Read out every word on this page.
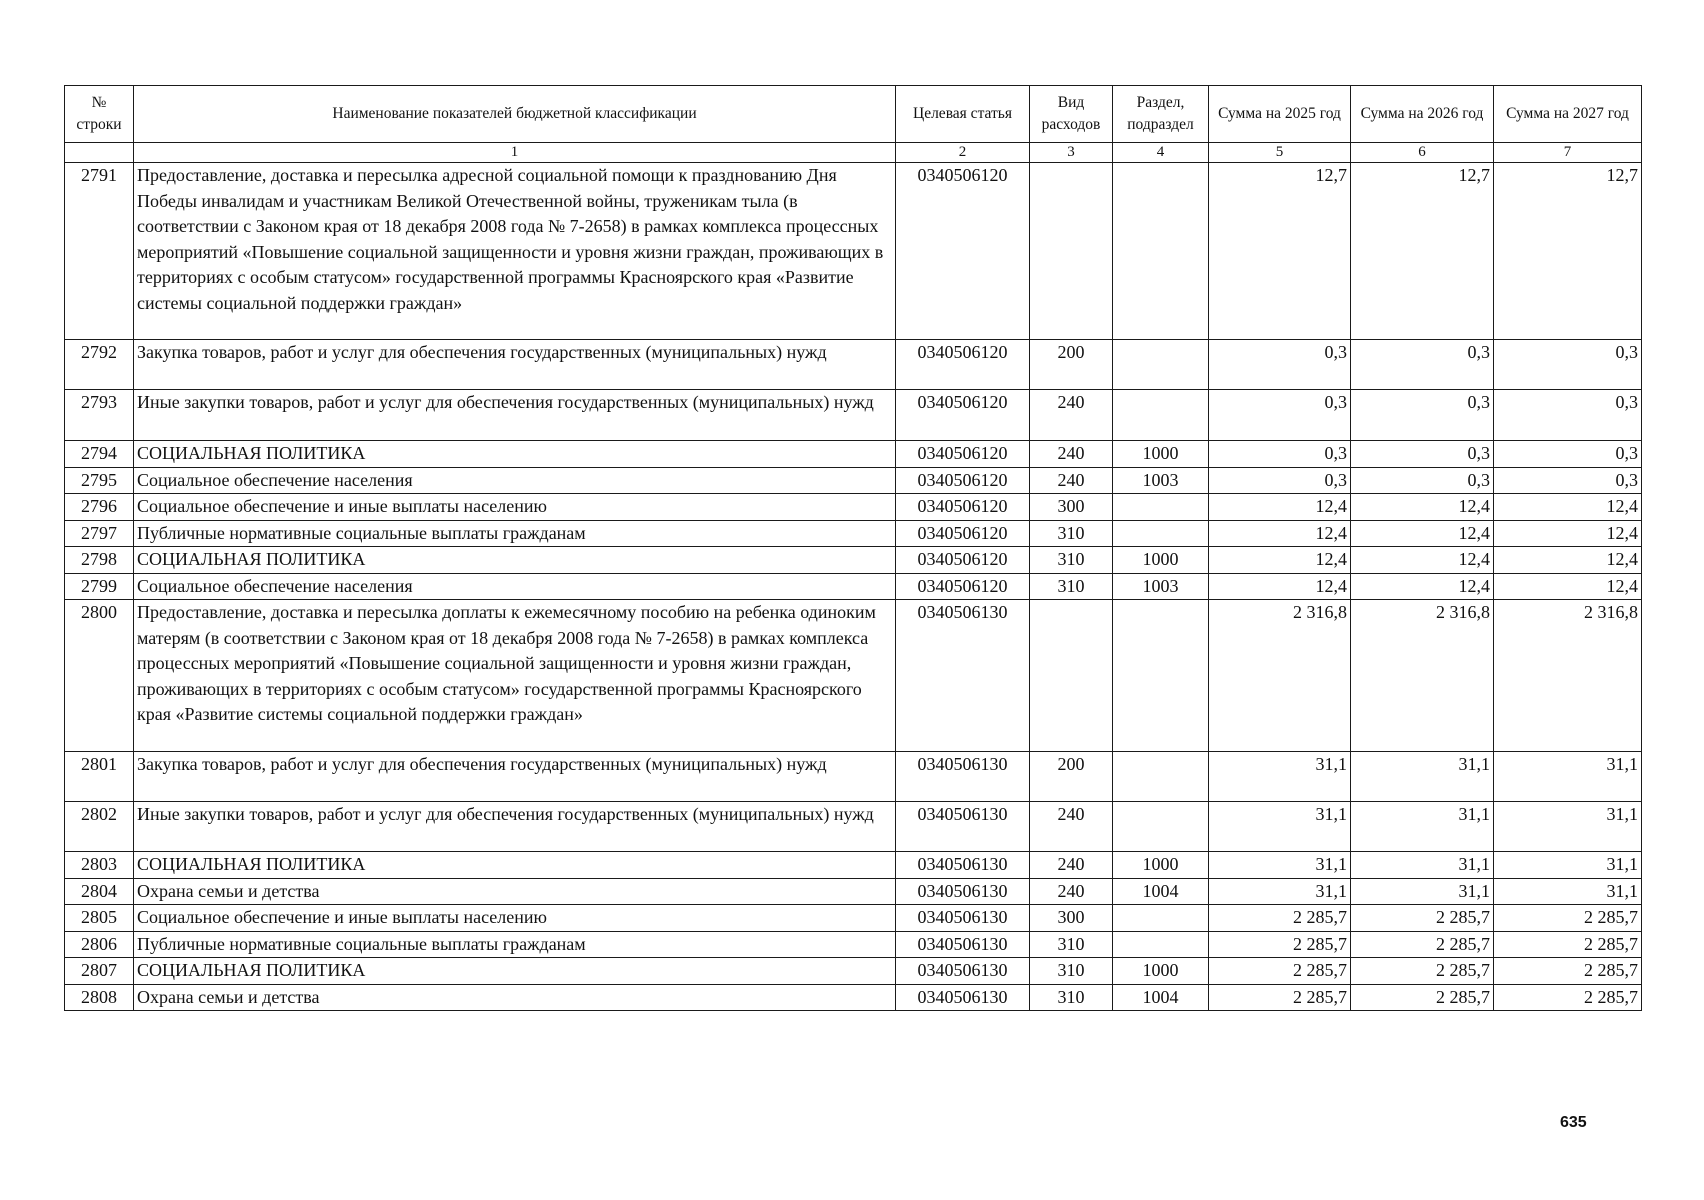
№ строки	Наименование показателей бюджетной классификации	Целевая статья	Вид расходов	Раздел, подраздел	Сумма на 2025 год	Сумма на 2026 год	Сумма на 2027 год
	1	2	3	4	5	6	7
2791	Предоставление, доставка и пересылка адресной социальной помощи к празднованию Дня Победы инвалидам и участникам Великой Отечественной войны, труженикам тыла (в соответствии с Законом края от 18 декабря 2008 года № 7-2658) в рамках комплекса процессных мероприятий «Повышение социальной защищенности и уровня жизни граждан, проживающих в территориях с особым статусом» государственной программы Красноярского края «Развитие системы социальной поддержки граждан»	0340506120			12,7	12,7	12,7
2792	Закупка товаров, работ и услуг для обеспечения государственных (муниципальных) нужд	0340506120	200		0,3	0,3	0,3
2793	Иные закупки товаров, работ и услуг для обеспечения государственных (муниципальных) нужд	0340506120	240		0,3	0,3	0,3
2794	СОЦИАЛЬНАЯ ПОЛИТИКА	0340506120	240	1000	0,3	0,3	0,3
2795	Социальное обеспечение населения	0340506120	240	1003	0,3	0,3	0,3
2796	Социальное обеспечение и иные выплаты населению	0340506120	300		12,4	12,4	12,4
2797	Публичные нормативные социальные выплаты гражданам	0340506120	310		12,4	12,4	12,4
2798	СОЦИАЛЬНАЯ ПОЛИТИКА	0340506120	310	1000	12,4	12,4	12,4
2799	Социальное обеспечение населения	0340506120	310	1003	12,4	12,4	12,4
2800	Предоставление, доставка и пересылка доплаты к ежемесячному пособию на ребенка одиноким матерям (в соответствии с Законом края от 18 декабря 2008 года № 7-2658) в рамках комплекса процессных мероприятий «Повышение социальной защищенности и уровня жизни граждан, проживающих в территориях с особым статусом» государственной программы Красноярского края «Развитие системы социальной поддержки граждан»	0340506130			2 316,8	2 316,8	2 316,8
2801	Закупка товаров, работ и услуг для обеспечения государственных (муниципальных) нужд	0340506130	200		31,1	31,1	31,1
2802	Иные закупки товаров, работ и услуг для обеспечения государственных (муниципальных) нужд	0340506130	240		31,1	31,1	31,1
2803	СОЦИАЛЬНАЯ ПОЛИТИКА	0340506130	240	1000	31,1	31,1	31,1
2804	Охрана семьи и детства	0340506130	240	1004	31,1	31,1	31,1
2805	Социальное обеспечение и иные выплаты населению	0340506130	300		2 285,7	2 285,7	2 285,7
2806	Публичные нормативные социальные выплаты гражданам	0340506130	310		2 285,7	2 285,7	2 285,7
2807	СОЦИАЛЬНАЯ ПОЛИТИКА	0340506130	310	1000	2 285,7	2 285,7	2 285,7
2808	Охрана семьи и детства	0340506130	310	1004	2 285,7	2 285,7	2 285,7
635
